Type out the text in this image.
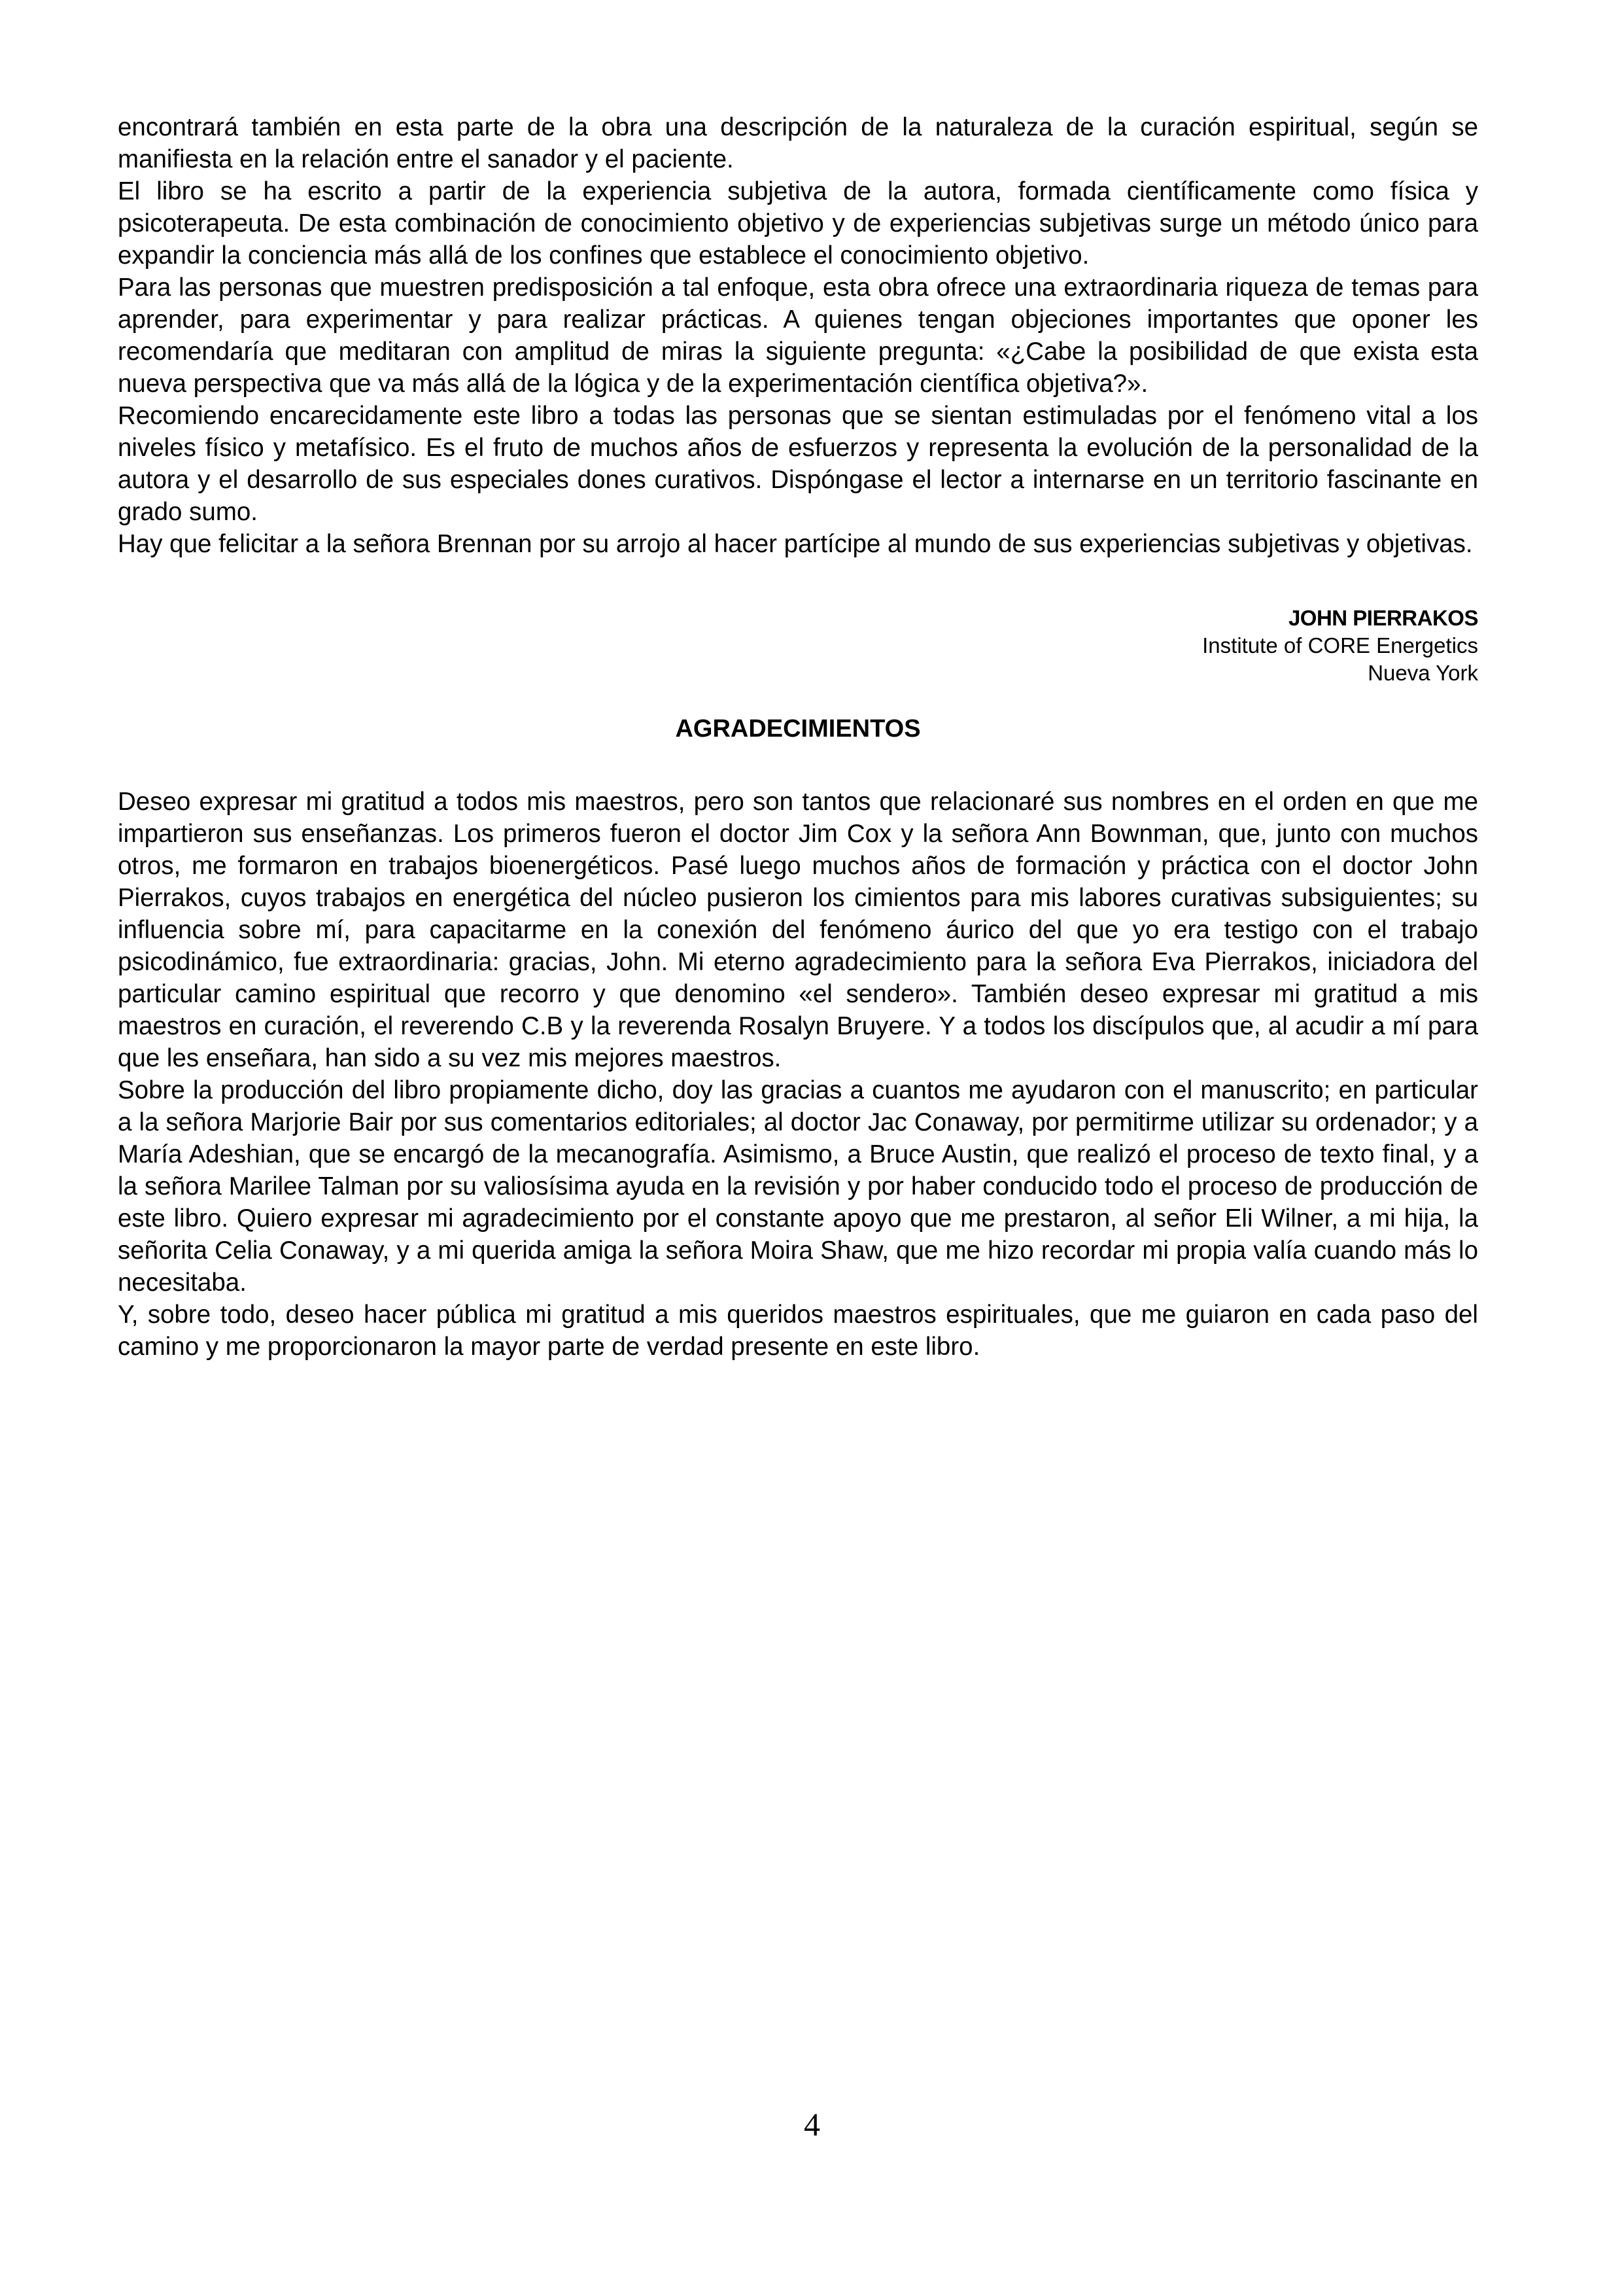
encontrará también en esta parte de la obra una descripción de la naturaleza de la curación espiritual, según se manifiesta en la relación entre el sanador y el paciente.

El libro se ha escrito a partir de la experiencia subjetiva de la autora, formada científicamente como física y psicoterapeuta. De esta combinación de conocimiento objetivo y de experiencias subjetivas surge un método único para expandir la conciencia más allá de los confines que establece el conocimiento objetivo.

Para las personas que muestren predisposición a tal enfoque, esta obra ofrece una extraordinaria riqueza de temas para aprender, para experimentar y para realizar prácticas. A quienes tengan objeciones importantes que oponer les recomendaría que meditaran con amplitud de miras la siguiente pregunta: «¿Cabe la posibilidad de que exista esta nueva perspectiva que va más allá de la lógica y de la experimentación científica objetiva?».

Recomiendo encarecidamente este libro a todas las personas que se sientan estimuladas por el fenómeno vital a los niveles físico y metafísico. Es el fruto de muchos años de esfuerzos y representa la evolución de la personalidad de la autora y el desarrollo de sus especiales dones curativos. Dispóngase el lector a internarse en un territorio fascinante en grado sumo.

Hay que felicitar a la señora Brennan por su arrojo al hacer partícipe al mundo de sus experiencias subjetivas y objetivas.

JOHN PIERRAKOS
Institute of CORE Energetics
Nueva York
AGRADECIMIENTOS

Deseo expresar mi gratitud a todos mis maestros, pero son tantos que relacionaré sus nombres en el orden en que me impartieron sus enseñanzas. Los primeros fueron el doctor Jim Cox y la señora Ann Bownman, que, junto con muchos otros, me formaron en trabajos bioenergéticos. Pasé luego muchos años de formación y práctica con el doctor John Pierrakos, cuyos trabajos en energética del núcleo pusieron los cimientos para mis labores curativas subsiguientes; su influencia sobre mí, para capacitarme en la conexión del fenómeno áurico del que yo era testigo con el trabajo psicodinámico, fue extraordinaria: gracias, John. Mi eterno agradecimiento para la señora Eva Pierrakos, iniciadora del particular camino espiritual que recorro y que denomino «el sendero». También deseo expresar mi gratitud a mis maestros en curación, el reverendo C.B y la reverenda Rosalyn Bruyere. Y a todos los discípulos que, al acudir a mí para que les enseñara, han sido a su vez mis mejores maestros.

Sobre la producción del libro propiamente dicho, doy las gracias a cuantos me ayudaron con el manuscrito; en particular a la señora Marjorie Bair por sus comentarios editoriales; al doctor Jac Conaway, por permitirme utilizar su ordenador; y a María Adeshian, que se encargó de la mecanografía. Asimismo, a Bruce Austin, que realizó el proceso de texto final, y a la señora Marilee Talman por su valiosísima ayuda en la revisión y por haber conducido todo el proceso de producción de este libro. Quiero expresar mi agradecimiento por el constante apoyo que me prestaron, al señor Eli Wilner, a mi hija, la señorita Celia Conaway, y a mi querida amiga la señora Moira Shaw, que me hizo recordar mi propia valía cuando más lo necesitaba.

Y, sobre todo, deseo hacer pública mi gratitud a mis queridos maestros espirituales, que me guiaron en cada paso del camino y me proporcionaron la mayor parte de verdad presente en este libro.

4
